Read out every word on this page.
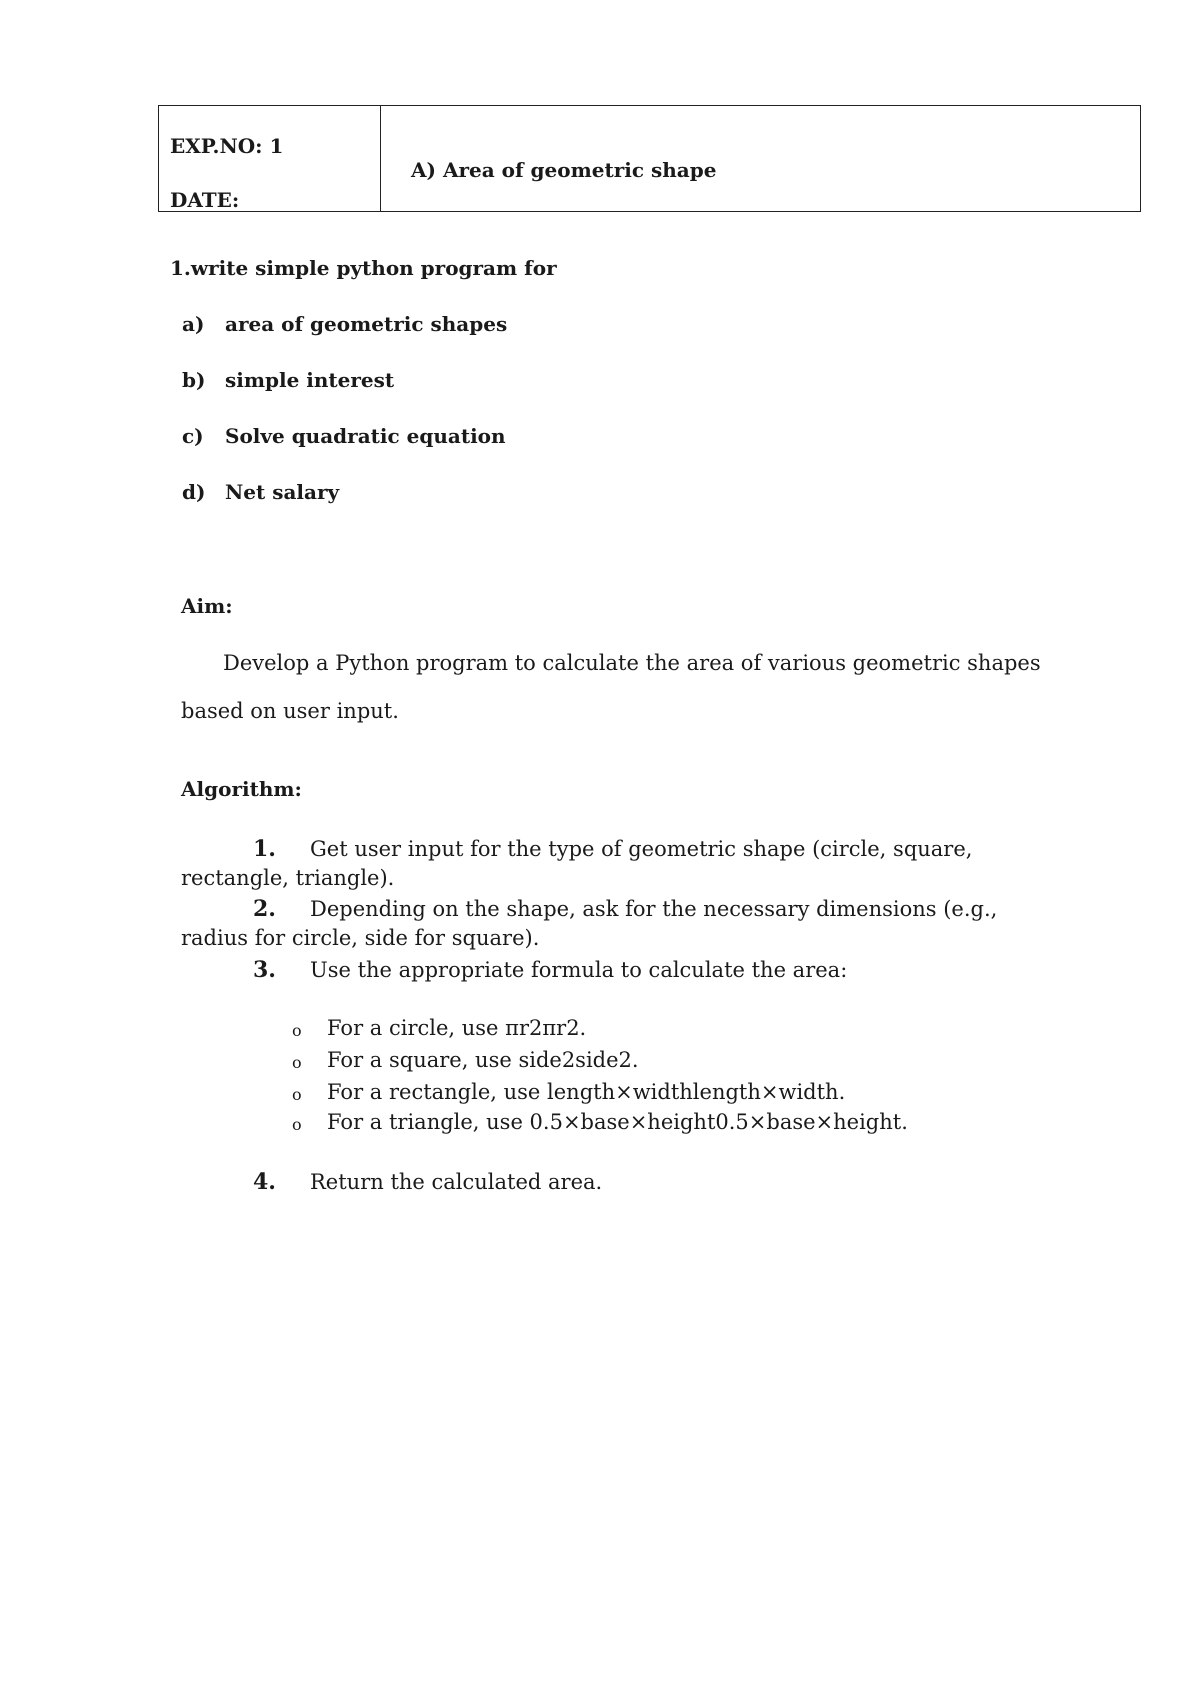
EXP.NO: 1
DATE:
A) Area of geometric shape
1.write simple python program for
a) area of geometric shapes
b) simple interest
c) Solve quadratic equation
d) Net salary
Aim:
Develop a Python program to calculate the area of various geometric shapes
based on user input.
Algorithm:
1. Get user input for the type of geometric shape (circle, square,
rectangle, triangle).
2. Depending on the shape, ask for the necessary dimensions (e.g.,
radius for circle, side for square).
3. Use the appropriate formula to calculate the area:
o For a circle, use πr2πr2.
o For a square, use side2side2.
o For a rectangle, use length×widthlength×width.
o For a triangle, use 0.5×base×height0.5×base×height.
4. Return the calculated area.
